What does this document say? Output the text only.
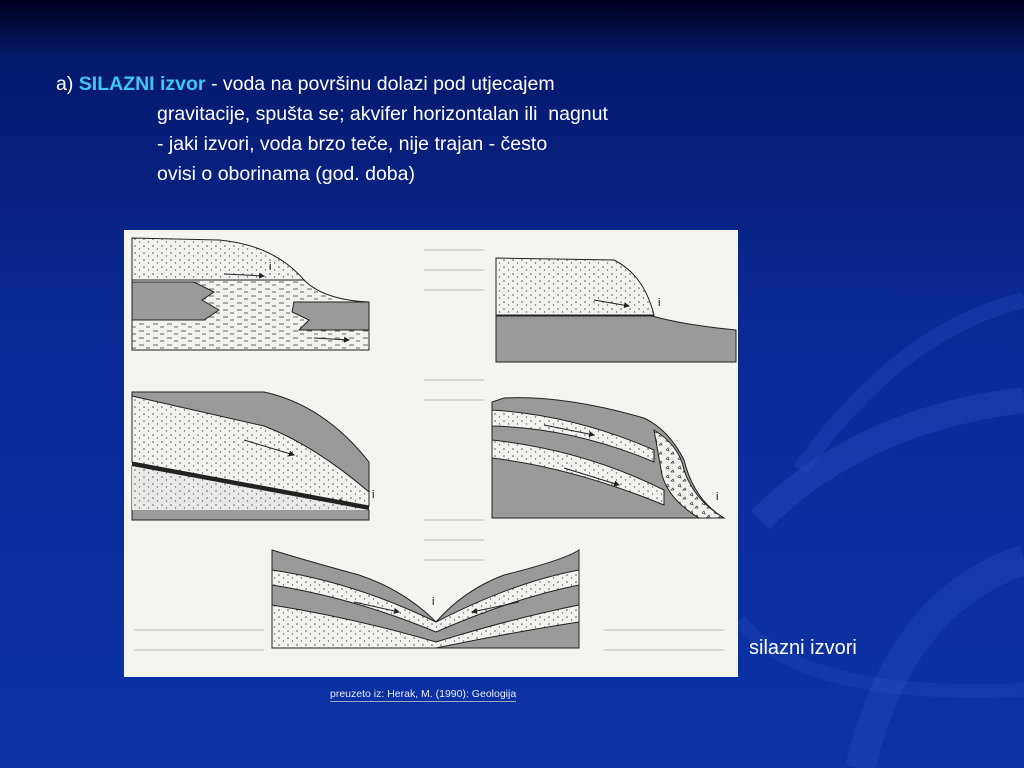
a) SILAZNI izvor - voda na površinu dolazi pod utjecajem
gravitacije, spušta se; akvifer horizontalan ili  nagnut
- jaki izvori, voda brzo teče, nije trajan - često
ovisi o oborinama (god. doba)
i
i
i	i
i
silazni izvori
preuzeto iz: Herak, M. (1990): Geologija
